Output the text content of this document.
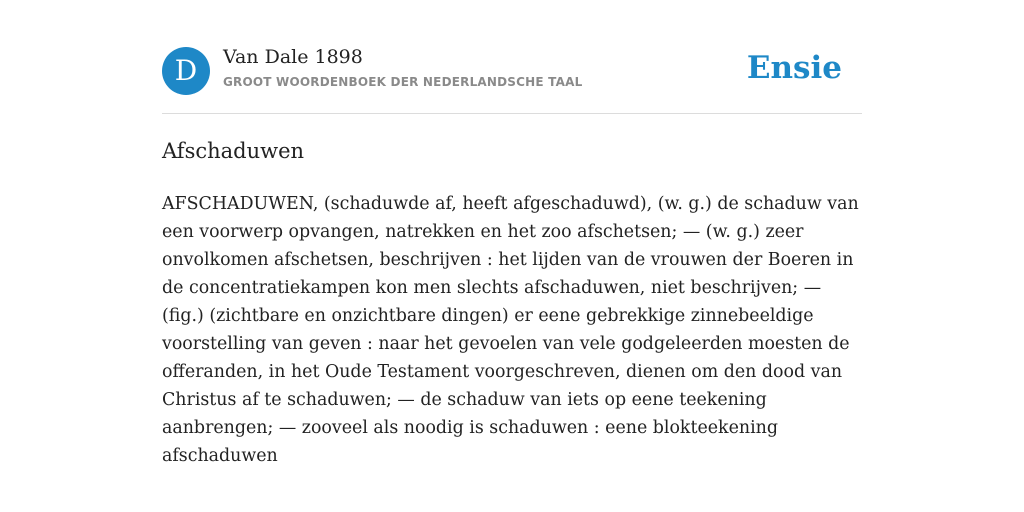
D	Van Dale 1898
GROOT WOORDENBOEK DER NEDERLANDSCHE TAAL	Ensie
Afschaduwen
AFSCHADUWEN, (schaduwde af, heeft afgeschaduwd), (w. g.) de schaduw van een voorwerp opvangen, natrekken en het zoo afschetsen; — (w. g.) zeer onvolkomen afschetsen, beschrijven : het lijden van de vrouwen der Boeren in de concentratiekampen kon men slechts afschaduwen, niet beschrijven; — (fig.) (zichtbare en onzichtbare dingen) er eene gebrekkige zinnebeeldige voorstelling van geven : naar het gevoelen van vele godgeleerden moesten de offeranden, in het Oude Testament voorgeschreven, dienen om den dood van Christus af te schaduwen; — de schaduw van iets op eene teekening aanbrengen; — zooveel als noodig is schaduwen : eene blokteekening afschaduwen
